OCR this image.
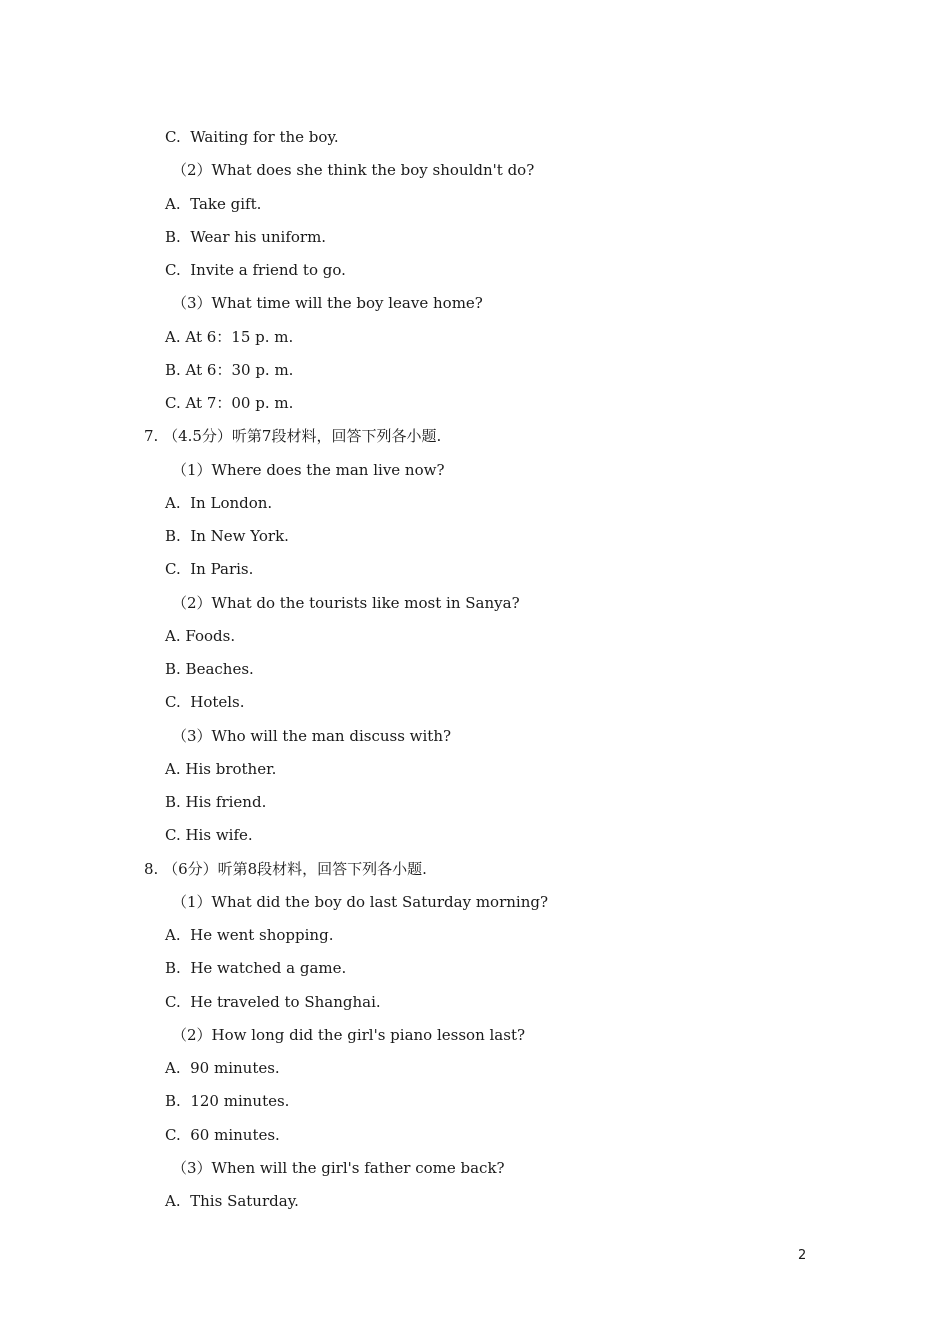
C.  Waiting for the boy.
（2）What does she think the boy shouldn't do?
A.  Take gift.
B.  Wear his uniform.
C.  Invite a friend to go.
（3）What time will the boy leave home?
A. At 6：15 p. m.
B. At 6：30 p. m.
C. At 7：00 p. m.
7. （4.5分）听第7段材料，回答下列各小题.
（1）Where does the man live now?
A.  In London.
B.  In New York.
C.  In Paris.
（2）What do the tourists like most in Sanya?
A. Foods.
B. Beaches.
C.  Hotels.
（3）Who will the man discuss with?
A. His brother.
B. His friend.
C. His wife.
8. （6分）听第8段材料，回答下列各小题.
（1）What did the boy do last Saturday morning?
A.  He went shopping.
B.  He watched a game.
C.  He traveled to Shanghai.
（2）How long did the girl's piano lesson last?
A.  90 minutes.
B.  120 minutes.
C.  60 minutes.
（3）When will the girl's father come back?
A.  This Saturday.
2
